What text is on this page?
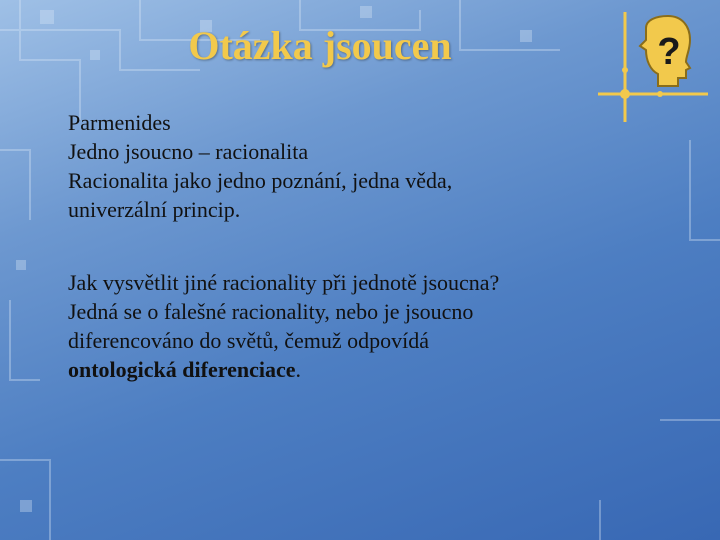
Otázka jsoucen	?

Parmenides

Jedno jsoucno – racionalita

Racionalita jako jedno poznání, jedna věda,

univerzální princip.

Jak vysvětlit jiné racionality při jednotě jsoucna?

Jedná se o falešné racionality, nebo je jsoucno

diferencováno do světů, čemuž odpovídá

ontologická diferenciace.
